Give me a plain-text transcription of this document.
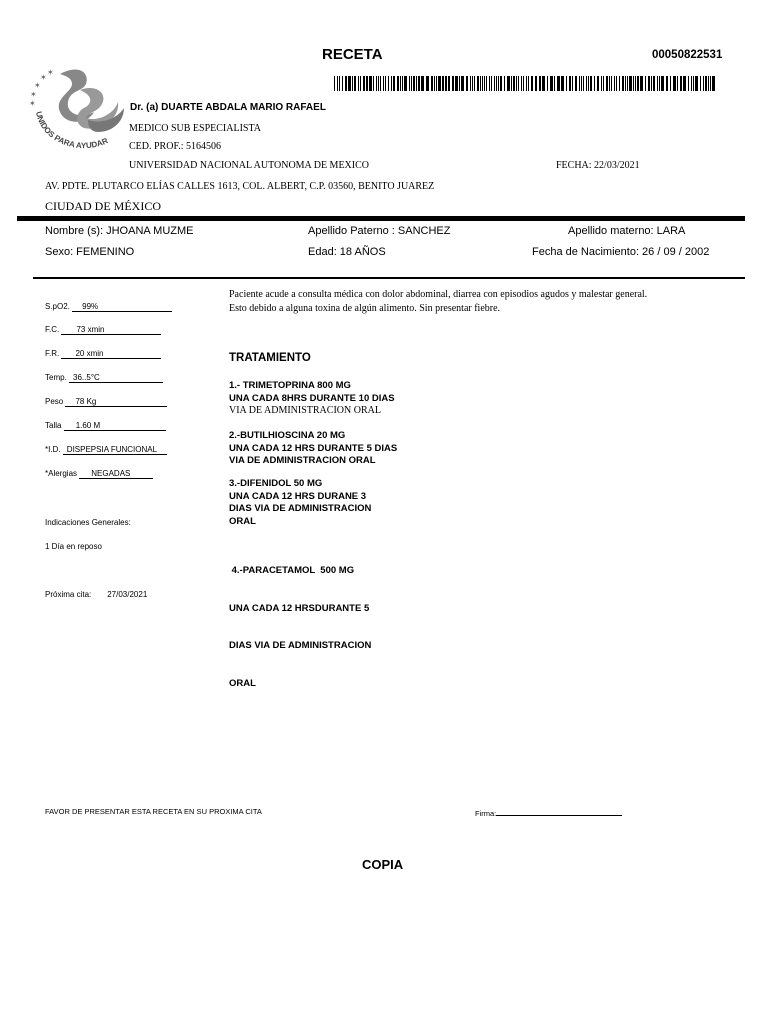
RECETA	00050822531
✶
✶
✶
✶
✶
UNIDOS PARA AYUDAR
Dr. (a) DUARTE ABDALA MARIO RAFAEL
MEDICO SUB ESPECIALISTA
CED. PROF.: 5164506
UNIVERSIDAD NACIONAL AUTONOMA DE MEXICO	FECHA: 22/03/2021
AV. PDTE. PLUTARCO ELÍAS CALLES 1613, COL. ALBERT, C.P. 03560, BENITO JUAREZ
CIUDAD DE MÉXICO
Nombre (s): JHOANA MUZME	Apellido Paterno : SANCHEZ	Apellido materno: LARA
Sexo: FEMENINO	Edad: 18 AÑOS	Fecha de Nacimiento: 26 / 09 / 2002
S.pO2. 99%
F.C. 73 xmin
F.R. 20 xmin
Temp. 36..5°C
Peso 78 Kg
Talla 1.60 M
*I.D. DISPEPSIA FUNCIONAL
*Alergias NEGADAS
Indicaciones Generales:
1 Día en reposo
Próxima cita: 27/03/2021
Paciente acude a consulta médica con dolor abdominal, diarrea con episodios agudos y malestar general.
Esto debido a alguna toxina de algún alimento. Sin presentar fiebre.
TRATAMIENTO
1.- TRIMETOPRINA 800 MG
UNA CADA 8HRS DURANTE 10 DIAS
VIA DE ADMINISTRACION ORAL
2.-BUTILHIOSCINA 20 MG
UNA CADA 12 HRS DURANTE 5 DIAS
VIA DE ADMINISTRACION ORAL
3.-DIFENIDOL 50 MG
UNA CADA 12 HRS DURANE 3
DIAS VIA DE ADMINISTRACION
ORAL

4.-PARACETAMOL  500 MG

UNA CADA 12 HRSDURANTE 5

DIAS VIA DE ADMINISTRACION

ORAL

FAVOR DE PRESENTAR ESTA RECETA EN SU PROXIMA CITA	Firma:
COPIA
